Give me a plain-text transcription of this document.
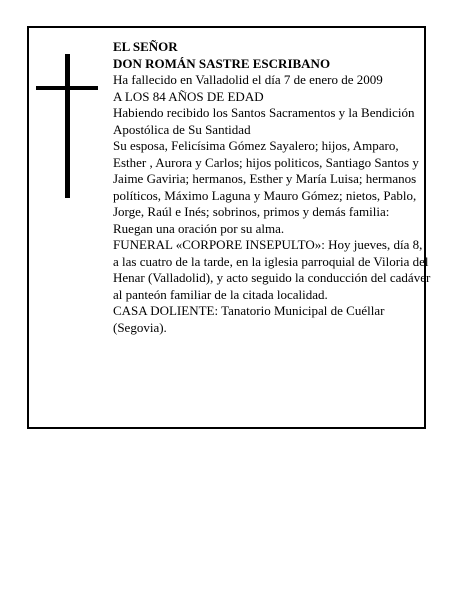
EL SEÑOR

DON ROMÁN SASTRE ESCRIBANO

Ha fallecido en Valladolid el día 7 de enero de 2009

A LOS 84 AÑOS DE EDAD

Habiendo recibido los Santos Sacramentos y la Bendición Apostólica de Su Santidad

Su esposa, Felicísima Gómez Sayalero; hijos, Amparo, Esther , Aurora y Carlos; hijos politicos, Santiago Santos y Jaime Gaviria; hermanos, Esther y María Luisa; hermanos políticos, Máximo Laguna y Mauro Gómez; nietos, Pablo, Jorge, Raúl e Inés; sobrinos, primos y demás familia:

Ruegan una oración por su alma.

FUNERAL «CORPORE INSEPULTO»: Hoy jueves, día 8, a las cuatro de la tarde, en la iglesia parroquial de Viloria del Henar (Valladolid), y acto seguido la conducción del cadáver al panteón familiar de la citada localidad.

CASA DOLIENTE: Tanatorio Municipal de Cuéllar (Segovia).
